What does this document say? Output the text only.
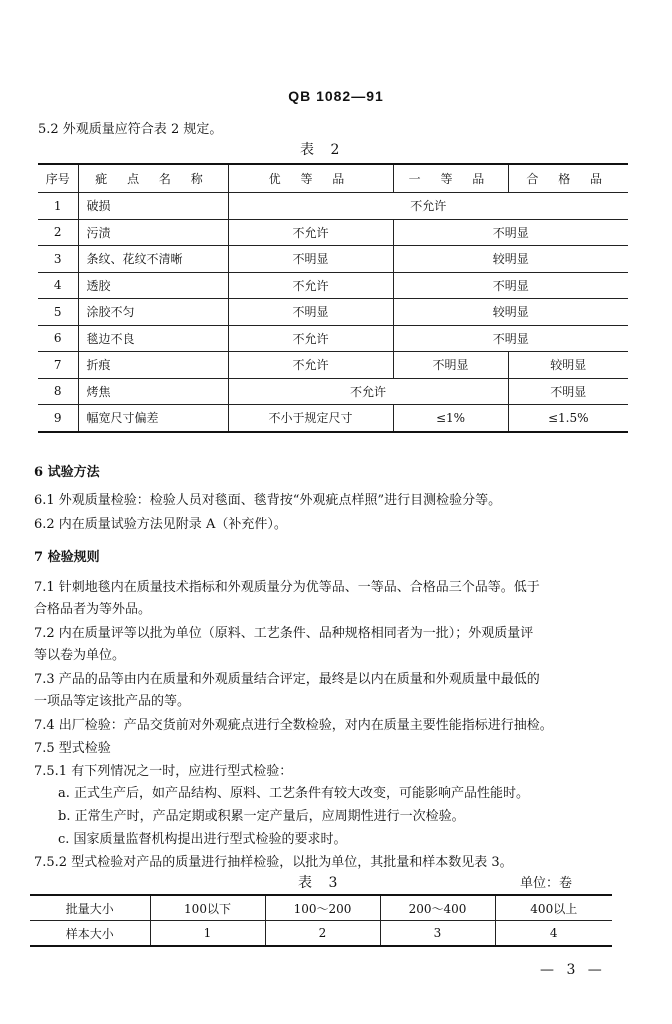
QB 1082—91
5.2 外观质量应符合表 2 规定。
表 2
序号	疵 点 名 称	优 等 品	一 等 品	合 格 品
1	破损	不允许		
2	污渍	不允许	不明显	
3	条纹、花纹不清晰	不明显	较明显	
4	透胶	不允许	不明显	
5	涂胶不匀	不明显	较明显	
6	毯边不良	不允许	不明显	
7	折痕	不允许	不明显	较明显
8	烤焦	不允许		不明显
9	幅宽尺寸偏差	不小于规定尺寸	≤1%	≤1.5%
6 试验方法
6.1 外观质量检验：检验人员对毯面、毯背按“外观疵点样照”进行目测检验分等。
6.2 内在质量试验方法见附录 A（补充件）。
7 检验规则
7.1 针刺地毯内在质量技术指标和外观质量分为优等品、一等品、合格品三个品等。低于
合格品者为等外品。
7.2 内在质量评等以批为单位（原料、工艺条件、品种规格相同者为一批）；外观质量评
等以卷为单位。
7.3 产品的品等由内在质量和外观质量结合评定，最终是以内在质量和外观质量中最低的
一项品等定该批产品的等。
7.4 出厂检验：产品交货前对外观疵点进行全数检验，对内在质量主要性能指标进行抽检。
7.5 型式检验
7.5.1 有下列情况之一时，应进行型式检验：
a. 正式生产后，如产品结构、原料、工艺条件有较大改变，可能影响产品性能时。
b. 正常生产时，产品定期或积累一定产量后，应周期性进行一次检验。
c. 国家质量监督机构提出进行型式检验的要求时。
7.5.2 型式检验对产品的质量进行抽样检验，以批为单位，其批量和样本数见表 3。
表 3	单位：卷
批量大小	100以下	100～200	200～400	400以上
样本大小	1	2	3	4
— 3 —
